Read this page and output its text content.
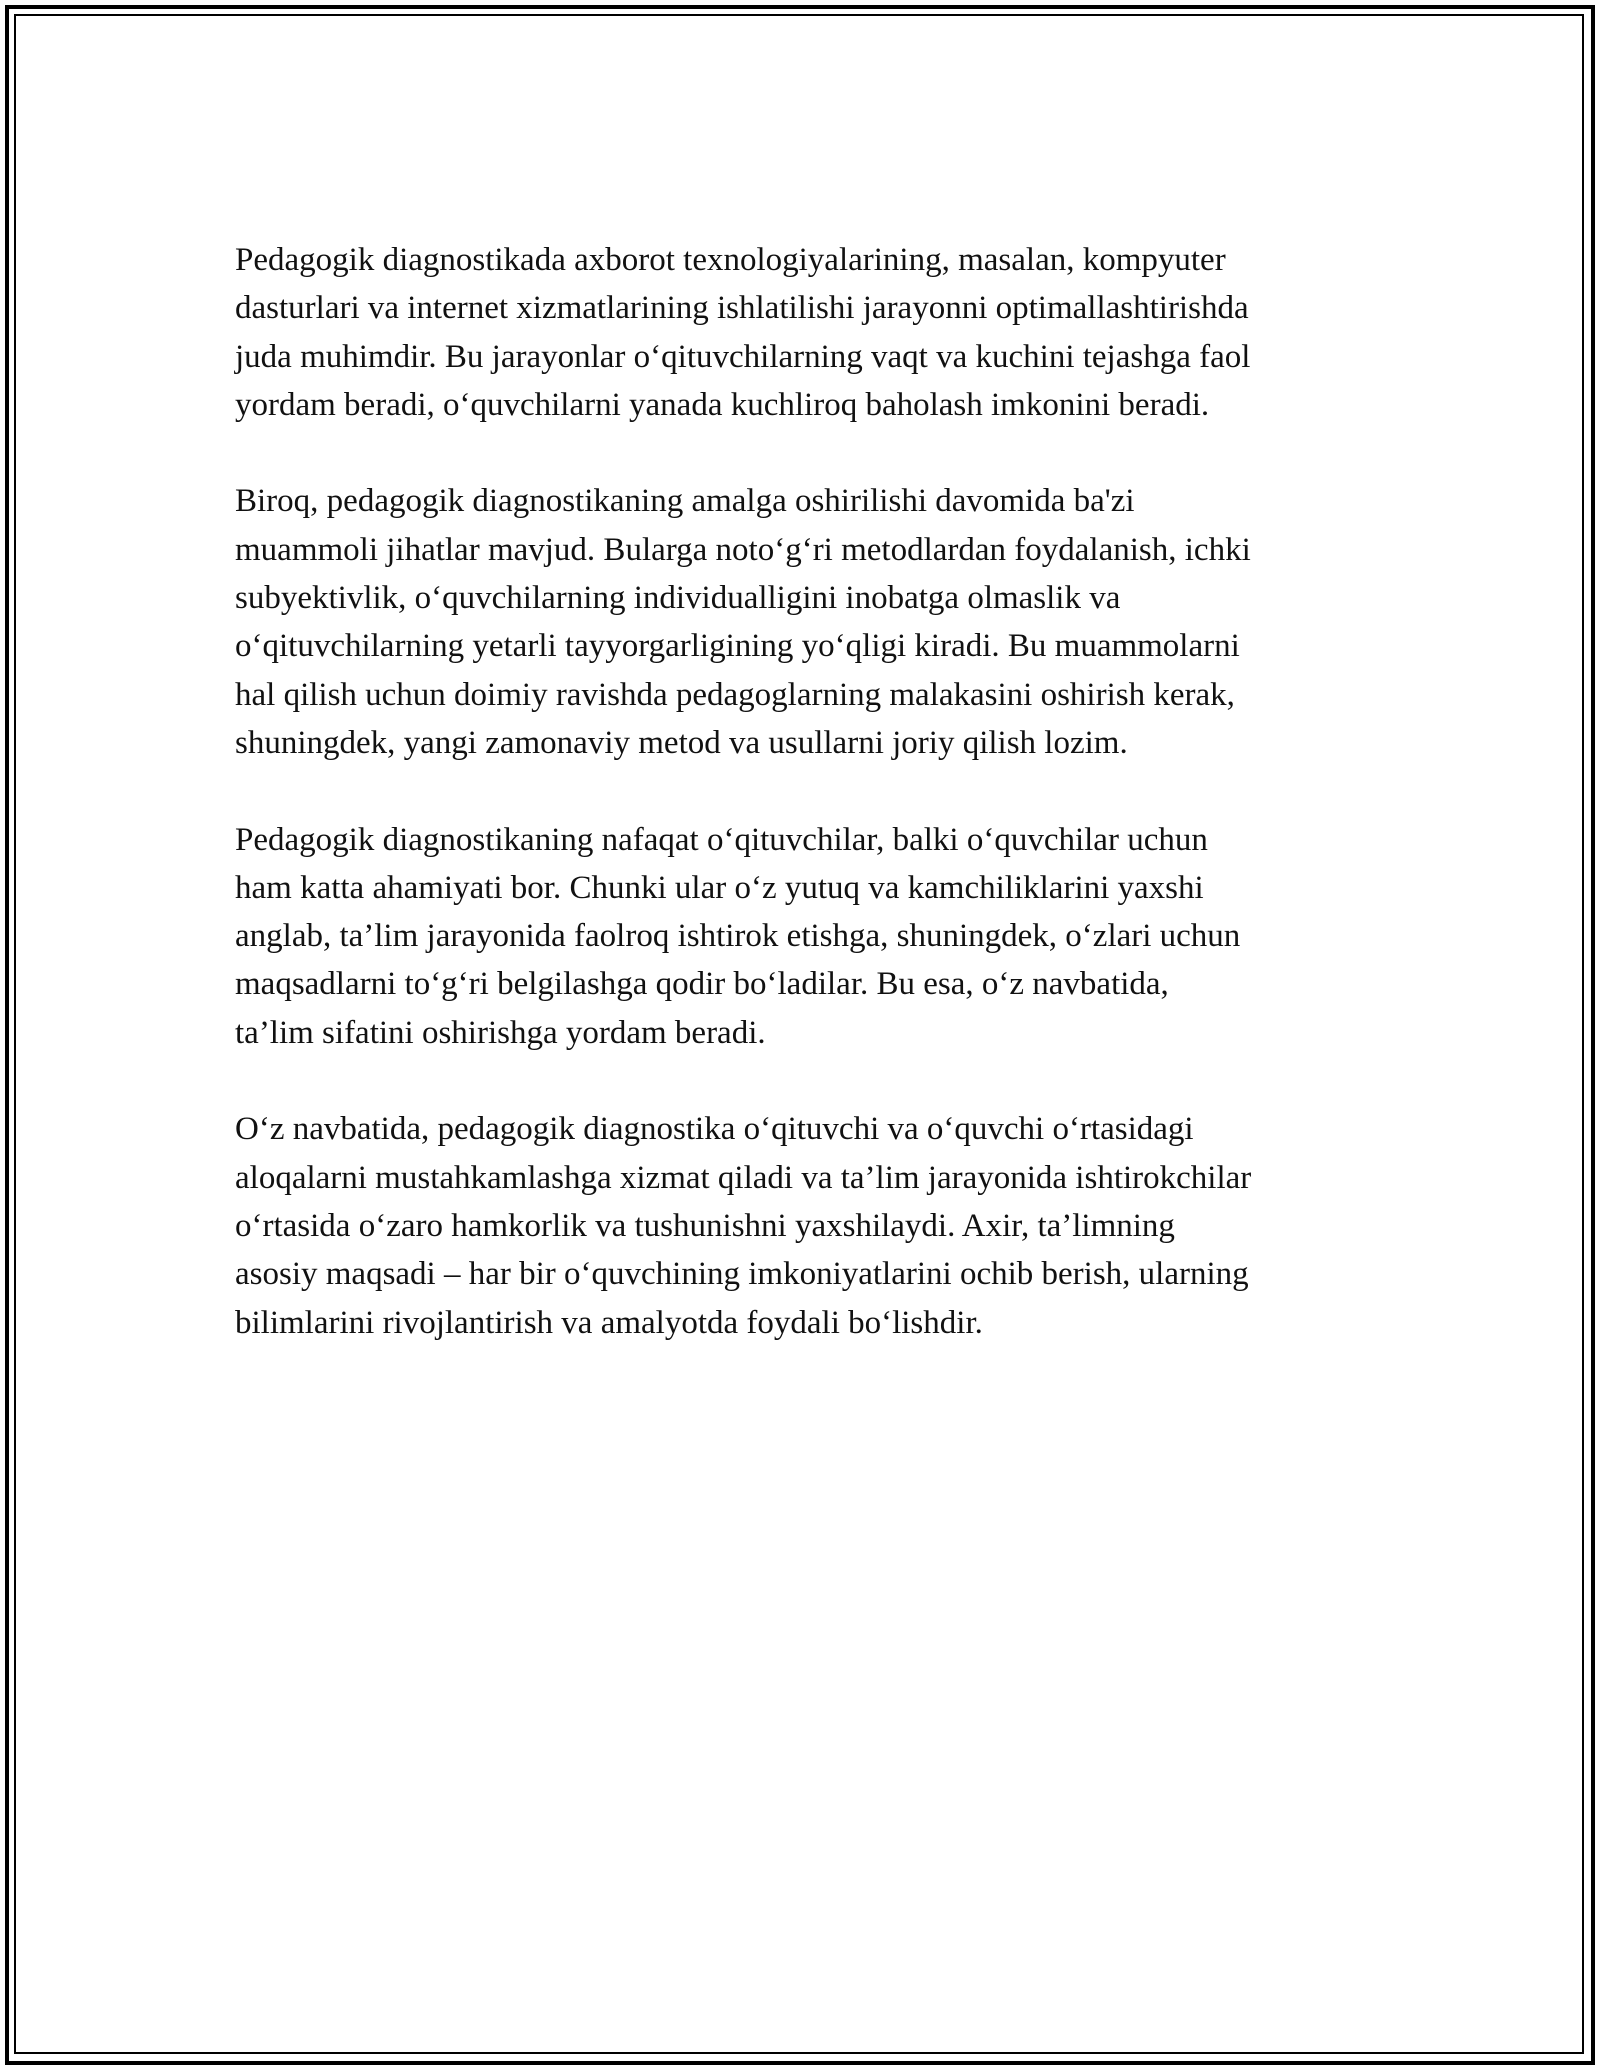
Pedagogik diagnostikada axborot texnologiyalarining, masalan, kompyuter
dasturlari va internet xizmatlarining ishlatilishi jarayonni optimallashtirishda
juda muhimdir. Bu jarayonlar o‘qituvchilarning vaqt va kuchini tejashga faol
yordam beradi, o‘quvchilarni yanada kuchliroq baholash imkonini beradi.

Biroq, pedagogik diagnostikaning amalga oshirilishi davomida ba'zi
muammoli jihatlar mavjud. Bularga noto‘g‘ri metodlardan foydalanish, ichki
subyektivlik, o‘quvchilarning individualligini inobatga olmaslik va
o‘qituvchilarning yetarli tayyorgarligining yo‘qligi kiradi. Bu muammolarni
hal qilish uchun doimiy ravishda pedagoglarning malakasini oshirish kerak,
shuningdek, yangi zamonaviy metod va usullarni joriy qilish lozim.

Pedagogik diagnostikaning nafaqat o‘qituvchilar, balki o‘quvchilar uchun
ham katta ahamiyati bor. Chunki ular o‘z yutuq va kamchiliklarini yaxshi
anglab, ta’lim jarayonida faolroq ishtirok etishga, shuningdek, o‘zlari uchun
maqsadlarni to‘g‘ri belgilashga qodir bo‘ladilar. Bu esa, o‘z navbatida,
ta’lim sifatini oshirishga yordam beradi.

O‘z navbatida, pedagogik diagnostika o‘qituvchi va o‘quvchi o‘rtasidagi
aloqalarni mustahkamlashga xizmat qiladi va ta’lim jarayonida ishtirokchilar
o‘rtasida o‘zaro hamkorlik va tushunishni yaxshilaydi. Axir, ta’limning
asosiy maqsadi – har bir o‘quvchining imkoniyatlarini ochib berish, ularning
bilimlarini rivojlantirish va amalyotda foydali bo‘lishdir.
